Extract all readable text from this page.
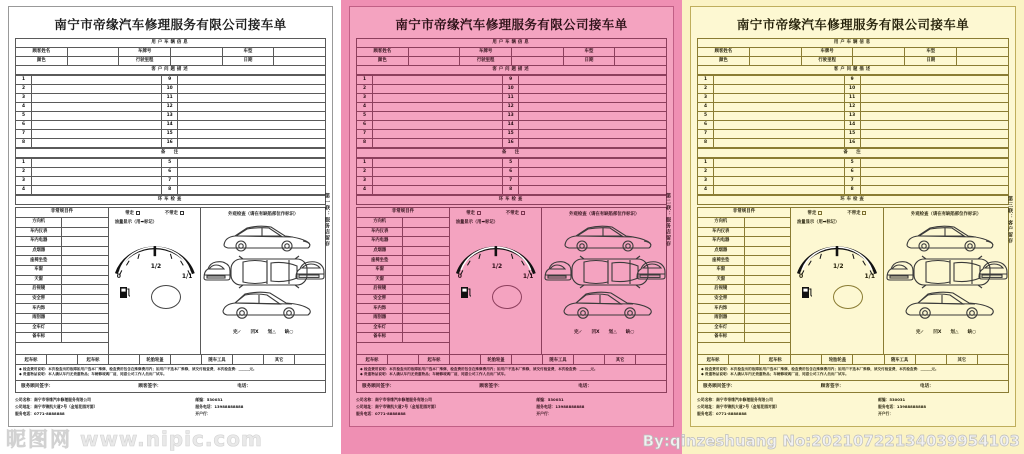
南宁市帝缘汽车修理服务有限公司接车单
用户车辆信息					
顾客姓名		车牌号		车型	
颜色		行驶里程		日期	
客户问题描述					
1		9	
2		10	
3		11	
4		12	
5		13	
6		14	
7		15	
8		16	
备　注
1		5	
2		6	
3		7	
4		8	
环车检查
非常规目件	
方向机	
车内仪表	
车内电器	
点烟器	
座椅坐垫	
车窗	
天窗	
后视镜	
安全带	
车内饰	
雨刮器	
全车灯	
备车标	
带走	不带走
油量显示（用➡标记）
0
1/2
1/1
外观检查（请在有缺陷部位作标识）
完✓ 凹X 划△ 缺○
起车标		起车标		轮胎轮盖		随车工具		其它	
◆ 检查费用说明：本次检查出的故障如用户选本厂维修，检查费用包含在维修费用内；如用户不选本厂维修，须交付检查费，本次检查费：＿＿＿元。
◆ 贵重物品说明：本人确认车内无贵重物品；车辆修竣离厂前，同意公司工作人员出厂试车。
服务顾问签字：	顾客签字：	电话：
公司名称：南宁市帝缘汽车修理服务有限公司
公司地址：南宁市锦凯大道7号（金旭花园对面）
服务电话：0771-8888888
邮编：530031
服务电话：13988888888
开户行：
第一联：服务店留存
南宁市帝缘汽车修理服务有限公司接车单
用户车辆信息					
顾客姓名		车牌号		车型	
颜色		行驶里程		日期	
客户问题描述					
1		9	
2		10	
3		11	
4		12	
5		13	
6		14	
7		15	
8		16	
备　注
1		5	
2		6	
3		7	
4		8	
环车检查
非常规目件	
方向机	
车内仪表	
车内电器	
点烟器	
座椅坐垫	
车窗	
天窗	
后视镜	
安全带	
车内饰	
雨刮器	
全车灯	
备车标	
带走	不带走
油量显示（用➡标记）
0
1/2
1/1
外观检查（请在有缺陷部位作标识）
完✓ 凹X 划△ 缺○
起车标		起车标		轮胎轮盖		随车工具		其它	
◆ 检查费用说明：本次检查出的故障如用户选本厂维修，检查费用包含在维修费用内；如用户不选本厂维修，须交付检查费，本次检查费：＿＿＿元。
◆ 贵重物品说明：本人确认车内无贵重物品；车辆修竣离厂前，同意公司工作人员出厂试车。
服务顾问签字：	顾客签字：	电话：
公司名称：南宁市帝缘汽车修理服务有限公司
公司地址：南宁市锦凯大道7号（金旭花园对面）
服务电话：0771-8888888
邮编：530031
服务电话：13988888888
开户行：
第二联：服务店留存
南宁市帝缘汽车修理服务有限公司接车单
用户车辆信息					
顾客姓名		车牌号		车型	
颜色		行驶里程		日期	
客户问题描述					
1		9	
2		10	
3		11	
4		12	
5		13	
6		14	
7		15	
8		16	
备　注
1		5	
2		6	
3		7	
4		8	
环车检查
非常规目件	
方向机	
车内仪表	
车内电器	
点烟器	
座椅坐垫	
车窗	
天窗	
后视镜	
安全带	
车内饰	
雨刮器	
全车灯	
备车标	
带走	不带走
油量显示（用➡标记）
0
1/2
1/1
外观检查（请在有缺陷部位作标识）
完✓ 凹X 划△ 缺○
起车标		起车标		轮胎轮盖		随车工具		其它	
◆ 检查费用说明：本次检查出的故障如用户选本厂维修，检查费用包含在维修费用内；如用户不选本厂维修，须交付检查费，本次检查费：＿＿＿元。
◆ 贵重物品说明：本人确认车内无贵重物品；车辆修竣离厂前，同意公司工作人员出厂试车。
服务顾问签字：	顾客签字：	电话：
公司名称：南宁市帝缘汽车修理服务有限公司
公司地址：南宁市锦凯大道7号（金旭花园对面）
服务电话：0771-8888888
邮编：530031
服务电话：13988888888
开户行：
第三联：客户留存
昵图网 www.nipic.com	By:qinzeshuang No:20210722134039954103
